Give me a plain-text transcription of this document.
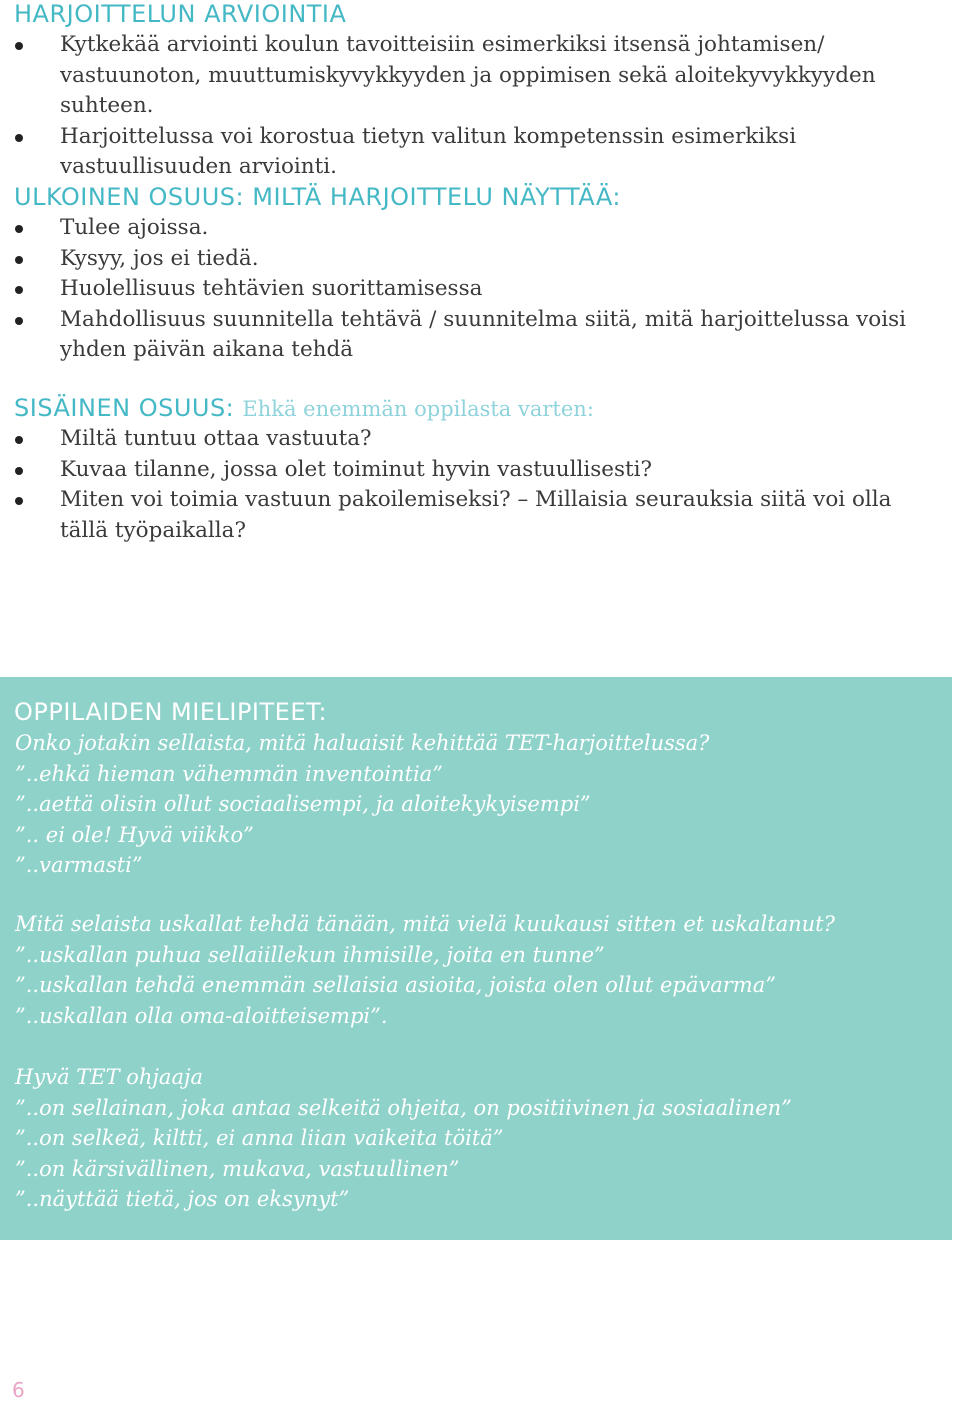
HARJOITTELUN ARVIOINTIA
Kytkekää arviointi koulun tavoitteisiin esimerkiksi itsensä johtamisen/ vastuunoton, muuttumiskyvykkyyden ja oppimisen sekä aloitekyvykkyyden suhteen.
Harjoittelussa voi korostua tietyn valitun kompetenssin esimerkiksi vastuullisuuden arviointi.
ULKOINEN OSUUS: MILTÄ HARJOITTELU NÄYTTÄÄ:
Tulee ajoissa.
Kysyy, jos ei tiedä.
Huolellisuus tehtävien suorittamisessa
Mahdollisuus suunnitella tehtävä / suunnitelma siitä, mitä harjoittelussa voisi yhden päivän aikana tehdä
SISÄINEN OSUUS: Ehkä enemmän oppilasta varten:
Miltä tuntuu ottaa vastuuta?
Kuvaa tilanne, jossa olet toiminut hyvin vastuullisesti?
Miten voi toimia vastuun pakoilemiseksi? – Millaisia seurauksia siitä voi olla tällä työpaikalla?
OPPILAIDEN MIELIPITEET:
Onko jotakin sellaista, mitä haluaisit kehittää TET-harjoittelussa?
”..ehkä hieman vähemmän inventointia”
”..aettä olisin ollut sociaalisempi, ja aloitekykyisempi”
”.. ei ole! Hyvä viikko”
”..varmasti”
Mitä selaista uskallat tehdä tänään, mitä vielä kuukausi sitten et uskaltanut?
”..uskallan puhua sellaiillekun ihmisille, joita en tunne”
”..uskallan tehdä enemmän sellaisia asioita, joista olen ollut epävarma”
”..uskallan olla oma-aloitteisempi”.
Hyvä TET ohjaaja
”..on sellainan, joka antaa selkeitä ohjeita, on positiivinen ja sosiaalinen”
”..on selkeä, kiltti, ei anna liian vaikeita töitä”
”..on kärsivällinen, mukava, vastuullinen”
”..näyttää tietä, jos on eksynyt”
6
